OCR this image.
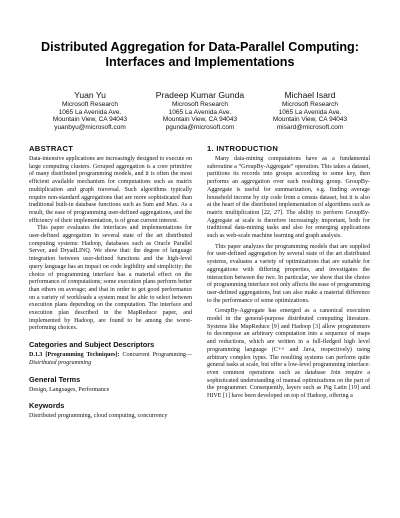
Distributed Aggregation for Data-Parallel Computing:
Interfaces and Implementations
Yuan Yu
Microsoft Research
1065 La Avenida Ave.
Mountain View, CA 94043
yuanbyu@microsoft.com
Pradeep Kumar Gunda
Microsoft Research
1065 La Avenida Ave.
Mountain View, CA 94043
pgunda@microsoft.com
Michael Isard
Microsoft Research
1065 La Avenida Ave.
Mountain View, CA 94043
misard@microsoft.com
ABSTRACT

Data-intensive applications are increasingly designed to execute on large computing clusters. Grouped aggregation is a core primitive of many distributed programming models, and it is often the most efficient available mechanism for computations such as matrix multiplication and graph traversal. Such algorithms typically require non-standard aggregations that are more sophisticated than traditional built-in database functions such as Sum and Max. As a result, the ease of programming user-defined aggregations, and the efficiency of their implementation, is of great current interest.

This paper evaluates the interfaces and implementations for user-defined aggregation in several state of the art distributed computing systems: Hadoop, databases such as Oracle Parallel Server, and DryadLINQ. We show that: the degree of language integration between user-defined functions and the high-level query language has an impact on code legibility and simplicity; the choice of programming interface has a material effect on the performance of computations; some execution plans perform better than others on average; and that in order to get good performance on a variety of workloads a system must be able to select between execution plans depending on the computation. The interface and execution plan described in the MapReduce paper, and implemented by Hadoop, are found to be among the worst-performing choices.

Categories and Subject Descriptors

D.1.3 [Programming Techniques]: Concurrent Programming—Distributed programming

General Terms

Design, Languages, Performance

Keywords

Distributed programming, cloud computing, concurrency

1. INTRODUCTION

Many data-mining computations have as a fundamental subroutine a “GroupBy-Aggregate” operation. This takes a dataset, partitions its records into groups according to some key, then performs an aggregation over each resulting group. GroupBy-Aggregate is useful for summarization, e.g. finding average household income by zip code from a census dataset, but it is also at the heart of the distributed implementation of algorithms such as matrix multiplication [22, 27]. The ability to perform GroupBy-Aggregate at scale is therefore increasingly important, both for traditional data-mining tasks and also for emerging applications such as web-scale machine learning and graph analysis.

This paper analyzes the programming models that are supplied for user-defined aggregation by several state of the art distributed systems, evaluates a variety of optimizations that are suitable for aggregations with differing properties, and investigates the interaction between the two. In particular, we show that the choice of programming interface not only affects the ease of programming user-defined aggregations, but can also make a material difference to the performance of some optimizations.

GroupBy-Aggregate has emerged as a canonical execution model in the general-purpose distributed computing literature. Systems like MapReduce [9] and Hadoop [3] allow programmers to decompose an arbitrary computation into a sequence of maps and reductions, which are written in a full-fledged high level programming language (C++ and Java, respectively) using arbitrary complex types. The resulting systems can perform quite general tasks at scale, but offer a low-level programming interface: even common operations such as database Join require a sophisticated understanding of manual optimizations on the part of the programmer. Consequently, layers such as Pig Latin [19] and HIVE [1] have been developed on top of Hadoop, offering a
